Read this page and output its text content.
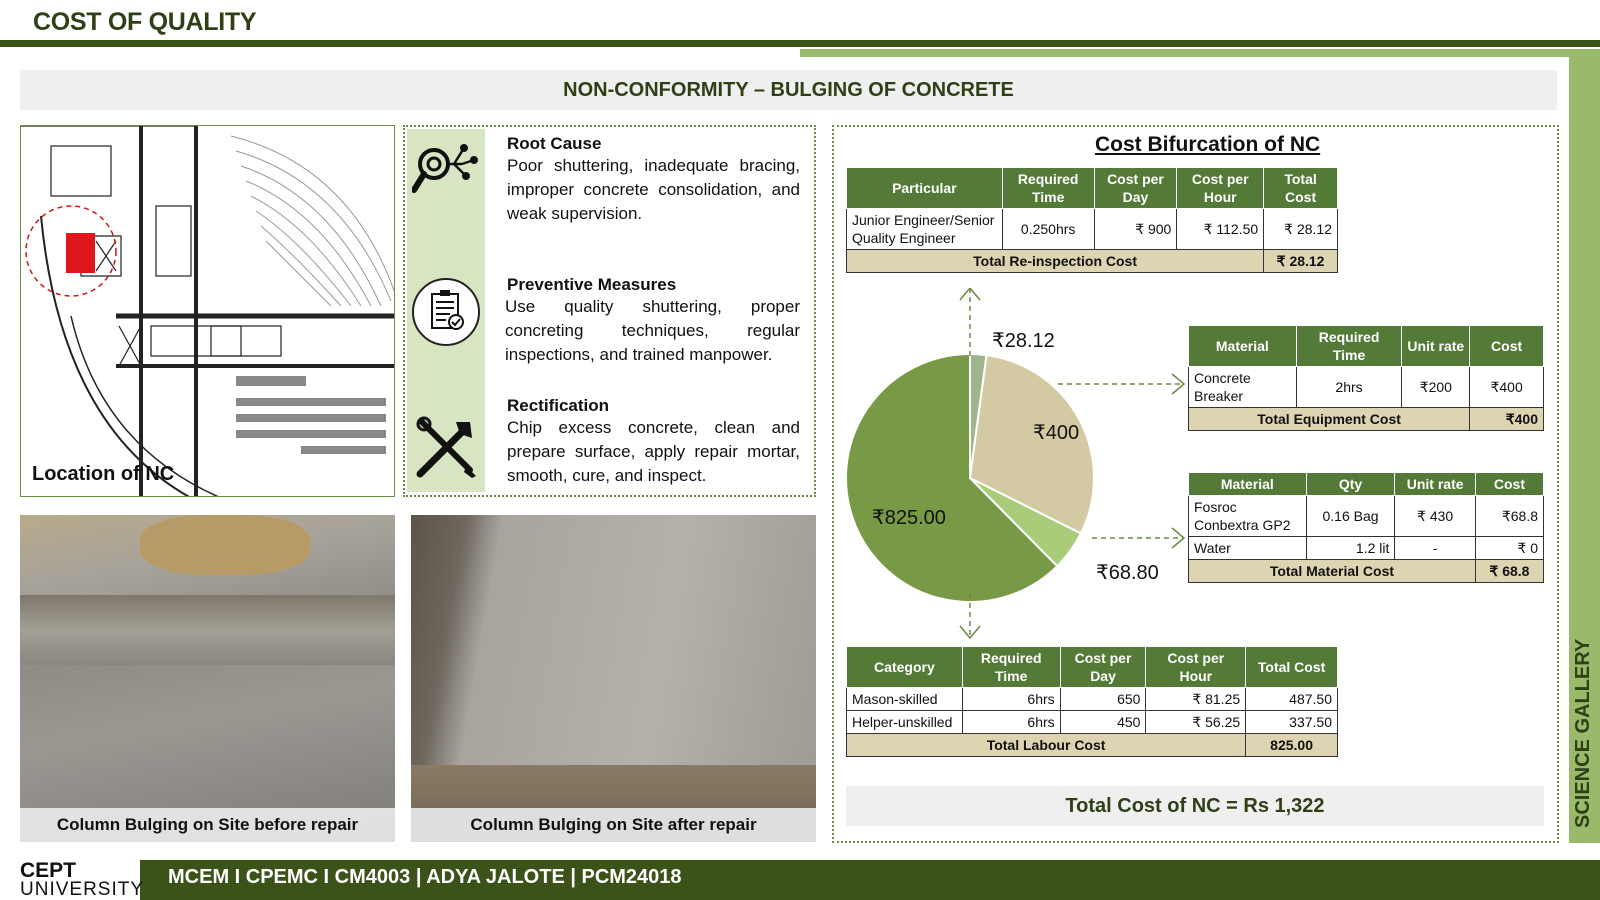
COST OF QUALITY
SCIENCE GALLERY
NON-CONFORMITY – BULGING OF CONCRETE
Location of NC
Root Cause
Poor shuttering, inadequate bracing, improper concrete consolidation, and weak supervision.
Preventive Measures
Use quality shuttering, proper concreting techniques, regular inspections, and trained manpower.
Rectification
Chip excess concrete, clean and prepare surface, apply repair mortar, smooth, cure, and inspect.
Column Bulging on Site before repair	Column Bulging on Site after repair
Cost Bifurcation of NC
Particular	Required Time	Cost per Day	Cost per Hour	Total Cost
Junior Engineer/Senior Quality Engineer	0.250hrs	₹ 900	₹ 112.50	₹ 28.12
Total Re-inspection Cost				₹ 28.12
Material	Required Time	Unit rate	Cost
Concrete Breaker	2hrs	₹200	₹400
Total Equipment Cost			₹400
Material	Qty	Unit rate	Cost
Fosroc Conbextra GP2	0.16 Bag	₹ 430	₹68.8
Water	1.2 lit	-	₹ 0
Total Material Cost			₹ 68.8
Category	Required Time	Cost per Day	Cost per Hour	Total Cost
Mason-skilled	6hrs	650	₹ 81.25	487.50
Helper-unskilled	6hrs	450	₹ 56.25	337.50
Total Labour Cost				825.00
₹28.12
₹400
₹68.80
₹825.00
Total Cost of NC = Rs 1,322
CEPT
UNIVERSITY
MCEM I CPEMC I CM4003 | ADYA JALOTE | PCM24018
